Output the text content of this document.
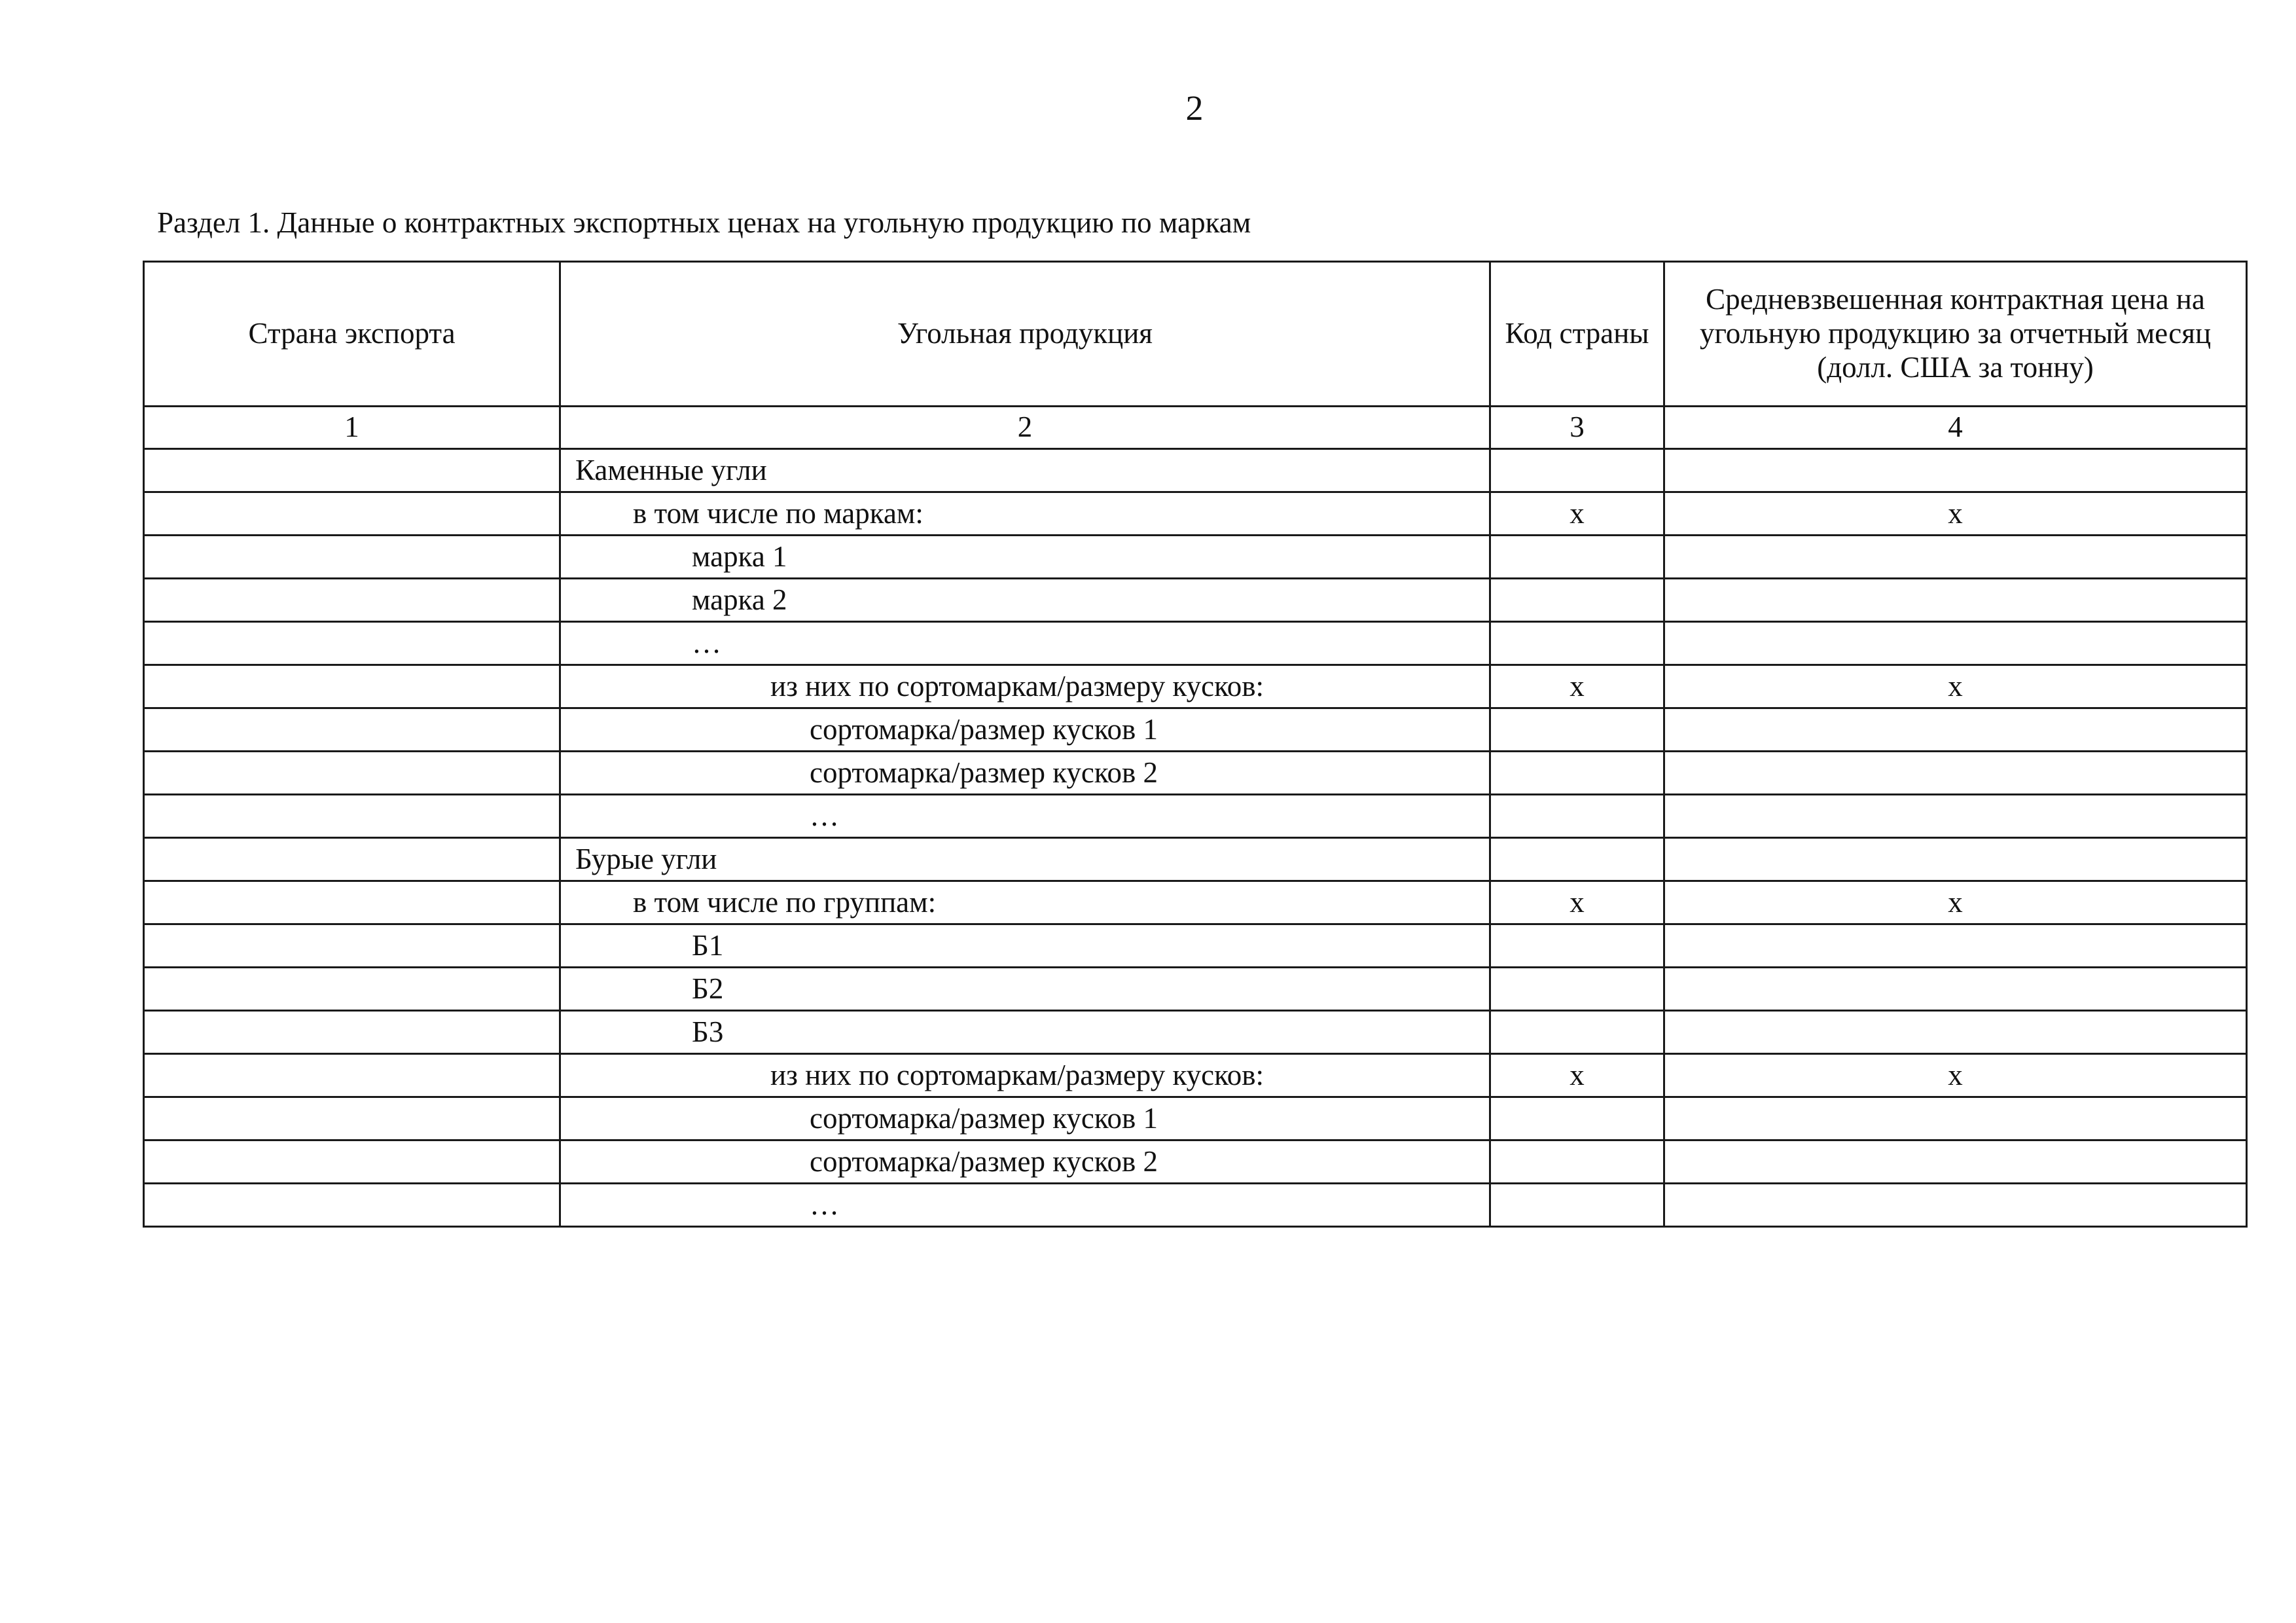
2
Раздел 1. Данные о контрактных экспортных ценах на угольную продукцию по маркам
Страна экспорта	Угольная продукция	Код страны	Средневзвешенная контрактная цена на угольную продукцию за отчетный месяц (долл. США за тонну)
1	2	3	4
	Каменные угли		
	в том числе по маркам:	х	х
	марка 1		
	марка 2		
	…		
	из них по сортомаркам/размеру кусков:	х	х
	сортомарка/размер кусков 1		
	сортомарка/размер кусков 2		
	…		
	Бурые угли		
	в том числе по группам:	х	х
	Б1		
	Б2		
	Б3		
	из них по сортомаркам/размеру кусков:	х	х
	сортомарка/размер кусков 1		
	сортомарка/размер кусков 2		
	…		
